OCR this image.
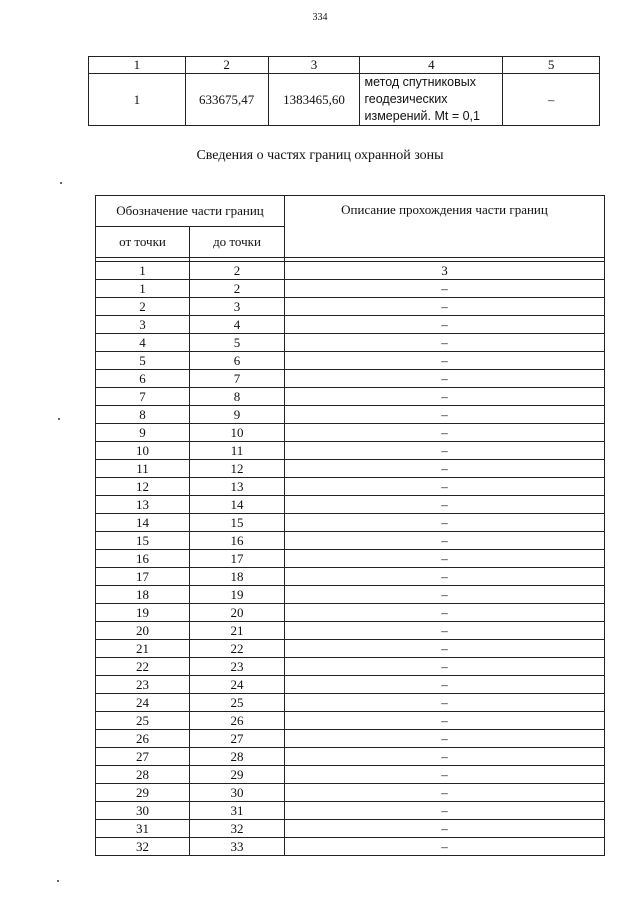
334
1	2	3	4	5
1	633675,47	1383465,60	метод спутниковых
геодезических
измерений. Mt = 0,1	–
Сведения о частях границ охранной зоны
Обозначение части границ		Описание прохождения части границ
от точки	до точки	

1	2	3
1	2	–
2	3	–
3	4	–
4	5	–
5	6	–
6	7	–
7	8	–
8	9	–
9	10	–
10	11	–
11	12	–
12	13	–
13	14	–
14	15	–
15	16	–
16	17	–
17	18	–
18	19	–
19	20	–
20	21	–
21	22	–
22	23	–
23	24	–
24	25	–
25	26	–
26	27	–
27	28	–
28	29	–
29	30	–
30	31	–
31	32	–
32	33	–
